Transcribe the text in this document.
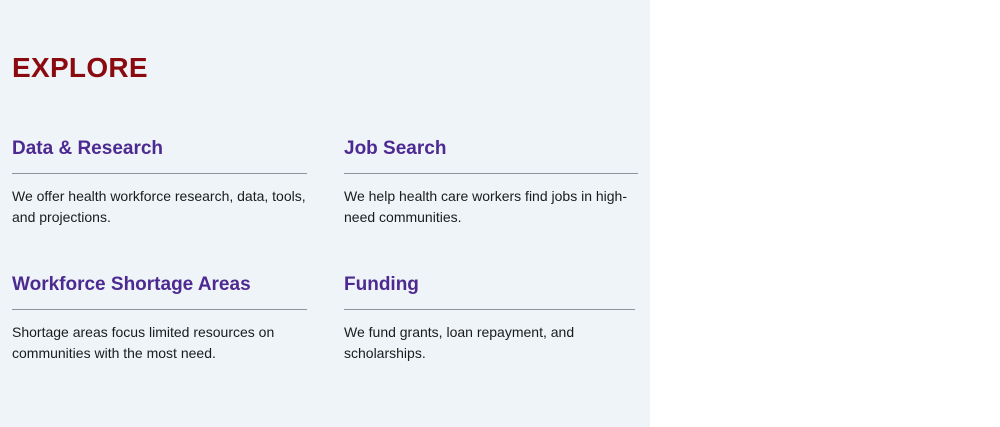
EXPLORE
Data & Research

We offer health workforce research, data, tools, and projections.

Job Search

We help health care workers find jobs in high-need communities.

Workforce Shortage Areas

Shortage areas focus limited resources on communities with the most need.

Funding

We fund grants, loan repayment, and scholarships.
